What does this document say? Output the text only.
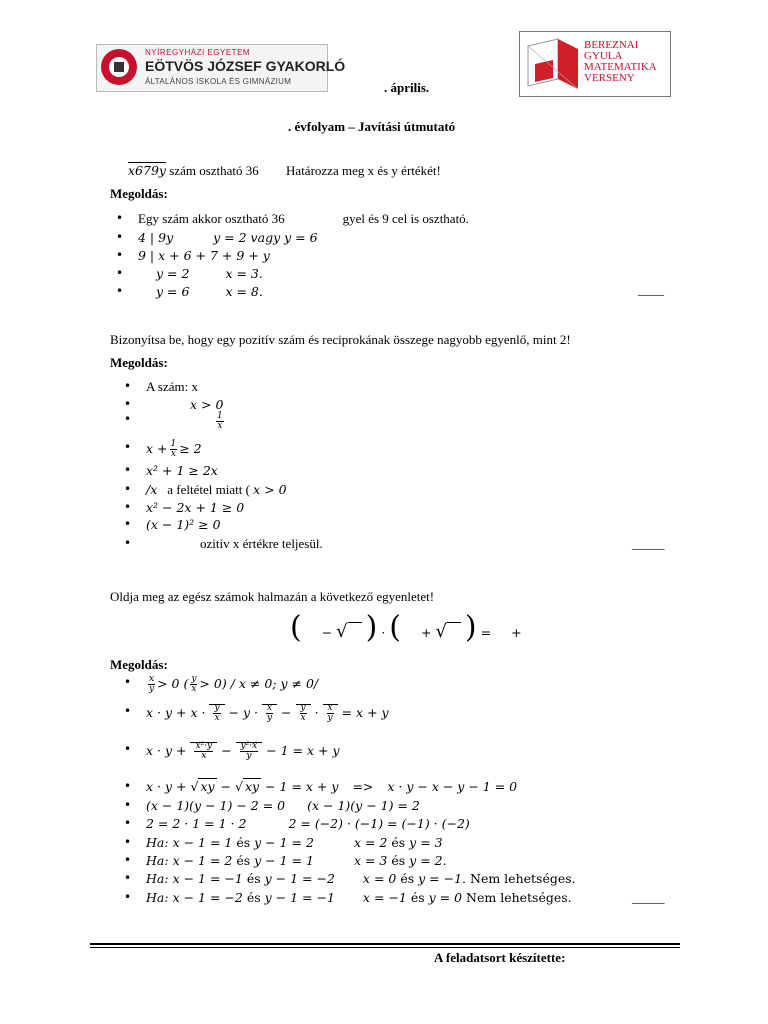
NYÍREGYHÁZI EGYETEM
EÖTVÖS JÓZSEF GYAKORLÓ
ÁLTALÁNOS ISKOLA ÉS GIMNÁZIUM	. április.
BEREZNAI
GYULA
MATEMATIKA
VERSENY
. évfolyam – Javítási útmutató
x679y szám osztható 36 Határozza meg x és y értékét!
Megoldás:
• Egy szám akkor osztható 36	gyel és 9 cel is osztható.
• 4 | 9y	y = 2 vagy y = 6
• 9 | x + 6 + 7 + 9 + y
• y = 2	x = 3.
• y = 6	x = 8.	____
Bizonyítsa be, hogy egy pozitív szám és reciprokának összege nagyobb egyenlő, mint 2!
Megoldás:
• A szám: x
• x > 0
• $\frac{1}{x}$
• $x + \frac{1}{x} \ge 2$
• x² + 1 ≥ 2x
• /x a feltétel miatt ( x > 0
• x² − 2x + 1 ≥ 0
• (x − 1)² ≥ 0
• ozitív x értékre teljesül.	_____
Oldja meg az egész számok halmazán a következő egyenletet!
( − √ ) · ( + √ ) = +
Megoldás:
• $\frac{x}{y} > 0$ ( $\frac{y}{x} > 0) / x \ne 0$; y ≠ 0/
• $x \cdot y + x \cdot \frac{y}{x} - y \cdot \frac{x}{y} - \frac{y}{x} \cdot \frac{x}{y} = x + y$
• $x \cdot y + \frac{\text{x²·y}}{x} - \frac{\text{y²·x}}{y} - 1 = x + y$
• x · y + √ xy − √ xy − 1 = x + y => x · y − x − y − 1 = 0
• (x − 1)(y − 1) − 2 = 0 (x − 1)(y − 1) = 2
• 2 = 2 · 1 = 1 · 2	2 = (−2) · (−1) = (−1) · (−2)
• Ha: x − 1 = 1 és y − 1 = 2	x = 2 és y = 3
• Ha: x − 1 = 2 és y − 1 = 1	x = 3 és y = 2.
• Ha: x − 1 = −1 és y − 1 = −2 x = 0 és y = −1. Nem lehetséges.
• Ha: x − 1 = −2 és y − 1 = −1 x = −1 és y = 0 Nem lehetséges.	_____
A feladatsort készítette:
